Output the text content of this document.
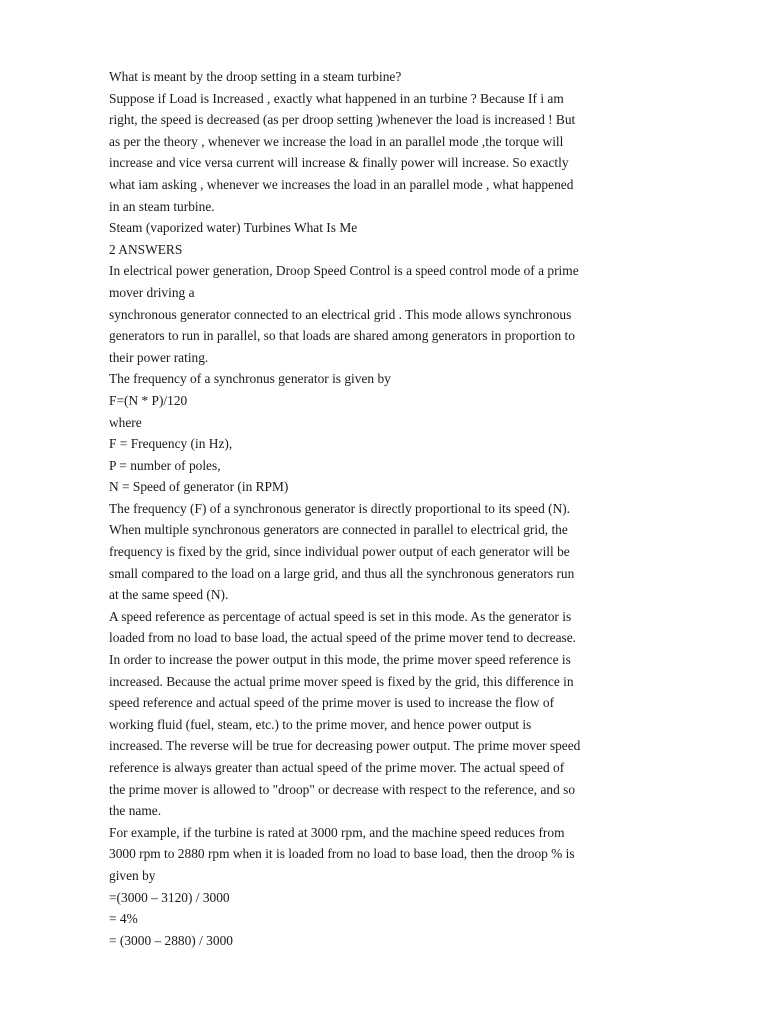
What is meant by the droop setting in a steam turbine?
Suppose if Load is Increased , exactly what happened in an turbine ? Because If i am
right, the speed is decreased (as per droop setting )whenever the load is increased ! But
as per the theory , whenever we increase the load in an parallel mode ,the torque will
increase and vice versa current will increase & finally power will increase. So exactly
what iam asking , whenever we increases the load in an parallel mode , what happened
in an steam turbine.
Steam (vaporized water) Turbines What Is Me
2 ANSWERS
In electrical power generation, Droop Speed Control is a speed control mode of a prime
mover driving a
synchronous generator connected to an electrical grid . This mode allows synchronous
generators to run in parallel, so that loads are shared among generators in proportion to
their power rating.
The frequency of a synchronus generator is given by
F=(N * P)/120
where
F = Frequency (in Hz),
P = number of poles,
N = Speed of generator (in RPM)
The frequency (F) of a synchronous generator is directly proportional to its speed (N).
When multiple synchronous generators are connected in parallel to electrical grid, the
frequency is fixed by the grid, since individual power output of each generator will be
small compared to the load on a large grid, and thus all the synchronous generators run
at the same speed (N).
A speed reference as percentage of actual speed is set in this mode. As the generator is
loaded from no load to base load, the actual speed of the prime mover tend to decrease.
In order to increase the power output in this mode, the prime mover speed reference is
increased. Because the actual prime mover speed is fixed by the grid, this difference in
speed reference and actual speed of the prime mover is used to increase the flow of
working fluid (fuel, steam, etc.) to the prime mover, and hence power output is
increased. The reverse will be true for decreasing power output. The prime mover speed
reference is always greater than actual speed of the prime mover. The actual speed of
the prime mover is allowed to "droop" or decrease with respect to the reference, and so
the name.
For example, if the turbine is rated at 3000 rpm, and the machine speed reduces from
3000 rpm to 2880 rpm when it is loaded from no load to base load, then the droop % is
given by
=(3000 – 3120) / 3000
= 4%
= (3000 – 2880) / 3000
